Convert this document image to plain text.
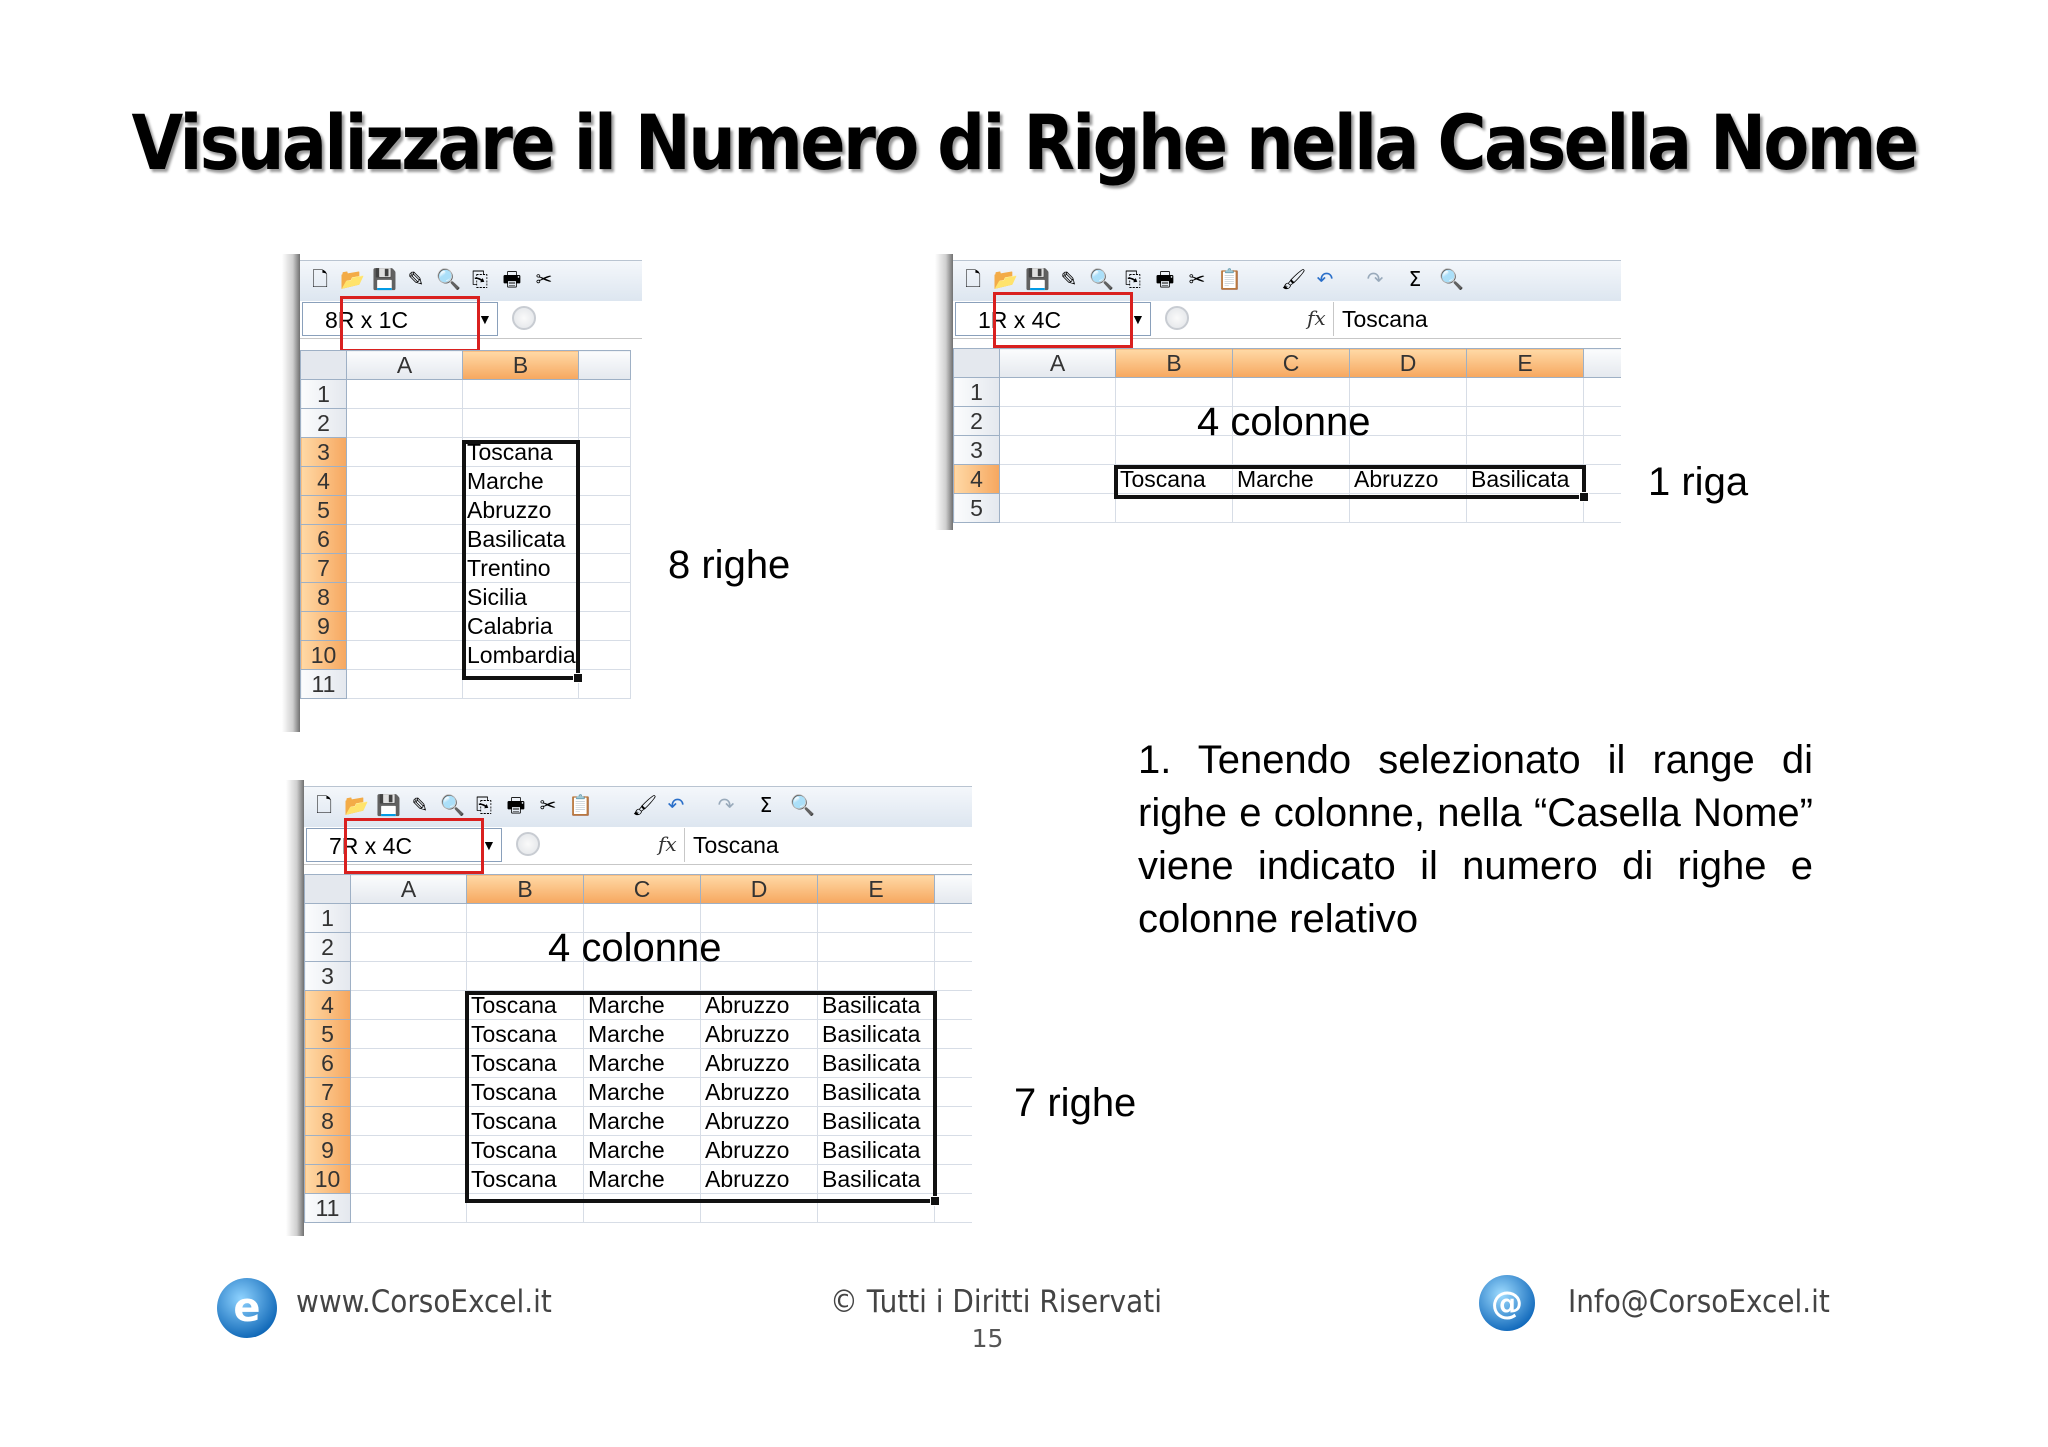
Visualizzare il Numero di Righe nella Casella Nome
🗋 📂 💾 ✎ 🔍 ⎘ 🖶 ✂
8R x 1C	▼
	A	B	
1			
2			
3		Toscana	
4		Marche	
5		Abruzzo	
6		Basilicata	
7		Trentino	
8		Sicilia	
9		Calabria	
10		Lombardia	
11			
8 righe
🗋 📂 💾 ✎ 🔍 ⎘ 🖶 ✂ 📋 🖌 ↶ ↷ Σ 🔍
1R x 4C	▼	fx Toscana
	A	B	C	D	E	
1						
2						
3						
4		Toscana	Marche	Abruzzo	Basilicata	
5						
4 colonne
1 riga
🗋 📂 💾 ✎ 🔍 ⎘ 🖶 ✂ 📋 🖌 ↶ ↷ Σ 🔍
7R x 4C	▼	fx Toscana
	A	B	C	D	E	
1						
2						
3						
4		Toscana	Marche	Abruzzo	Basilicata	
5		Toscana	Marche	Abruzzo	Basilicata	
6		Toscana	Marche	Abruzzo	Basilicata	
7		Toscana	Marche	Abruzzo	Basilicata	
8		Toscana	Marche	Abruzzo	Basilicata	
9		Toscana	Marche	Abruzzo	Basilicata	
10		Toscana	Marche	Abruzzo	Basilicata	
11						
4 colonne
7 righe
1. Tenendo selezionato il range di righe e colonne, nella “Casella Nome” viene indicato il numero di righe e colonne relativo
e www.CorsoExcel.it	© Tutti i Diritti Riservati
15
@ Info@CorsoExcel.it
